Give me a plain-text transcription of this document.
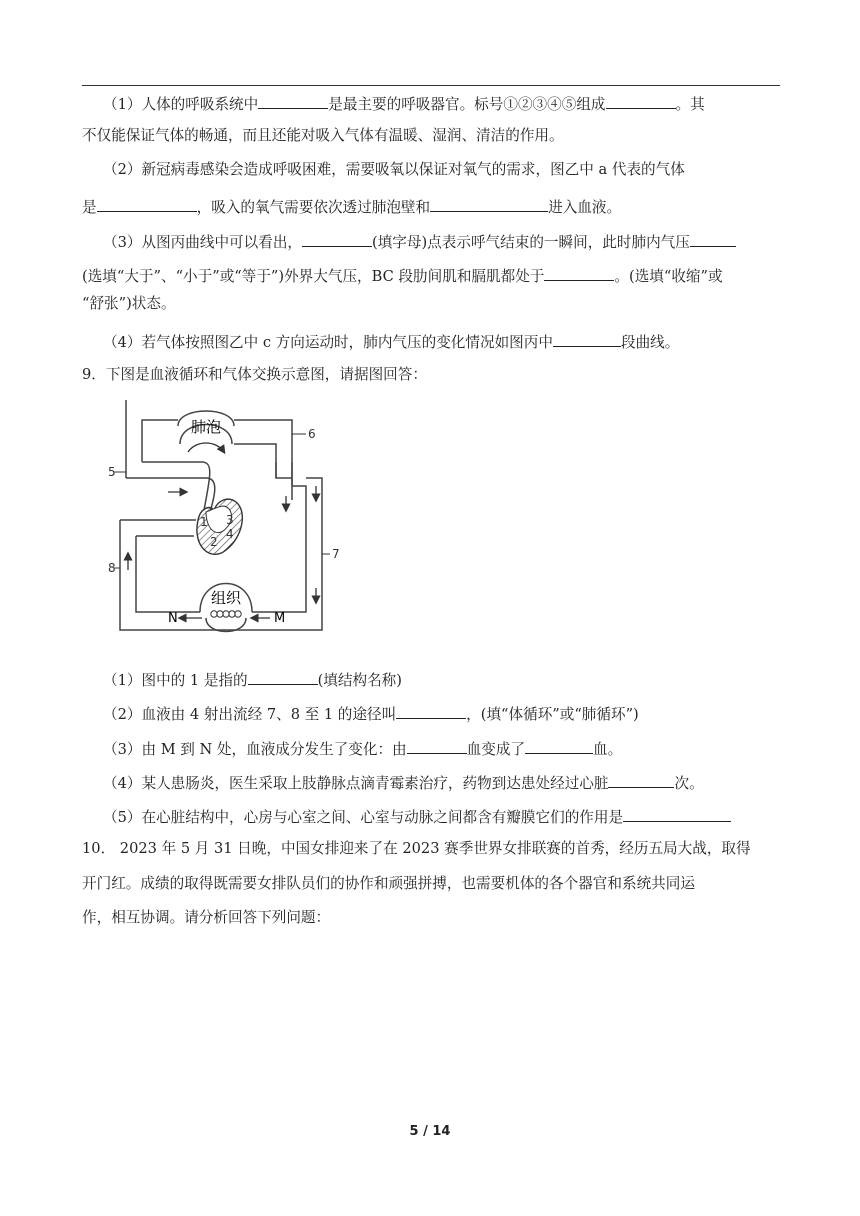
（1）人体的呼吸系统中	是最主要的呼吸器官。标号①②③④⑤组成	。其
不仅能保证气体的畅通，而且还能对吸入气体有温暖、湿润、清洁的作用。
（2）新冠病毒感染会造成呼吸困难，需要吸氧以保证对氧气的需求，图乙中 a 代表的气体
是	，吸入的氧气需要依次透过肺泡壁和	进入血液。
（3）从图丙曲线中可以看出，	(填字母)点表示呼气结束的一瞬间，此时肺内气压
(选填“大于”、“小于”或“等于”)外界大气压，BC 段肋间肌和膈肌都处于	。(选填“收缩”或
“舒张”)状态。
（4）若气体按照图乙中 c 方向运动时，肺内气压的变化情况如图丙中	段曲线。
9．下图是血液循环和气体交换示意图，请据图回答：
肺泡
组织
N	M
1
2
3
4
5
6
7
8
（1）图中的 1 是指的	(填结构名称)
（2）血液由 4 射出流经 7、8 至 1 的途径叫	，(填“体循环”或“肺循环”)
（3）由 M 到 N 处，血液成分发生了变化：由	血变成了	血。
（4）某人患肠炎，医生采取上肢静脉点滴青霉素治疗，药物到达患处经过心脏	次。
（5）在心脏结构中，心房与心室之间、心室与动脉之间都含有瓣膜它们的作用是
10． 2023 年 5 月 31 日晚，中国女排迎来了在 2023 赛季世界女排联赛的首秀，经历五局大战，取得
开门红。成绩的取得既需要女排队员们的协作和顽强拼搏，也需要机体的各个器官和系统共同运
作，相互协调。请分析回答下列问题：
5 / 14
